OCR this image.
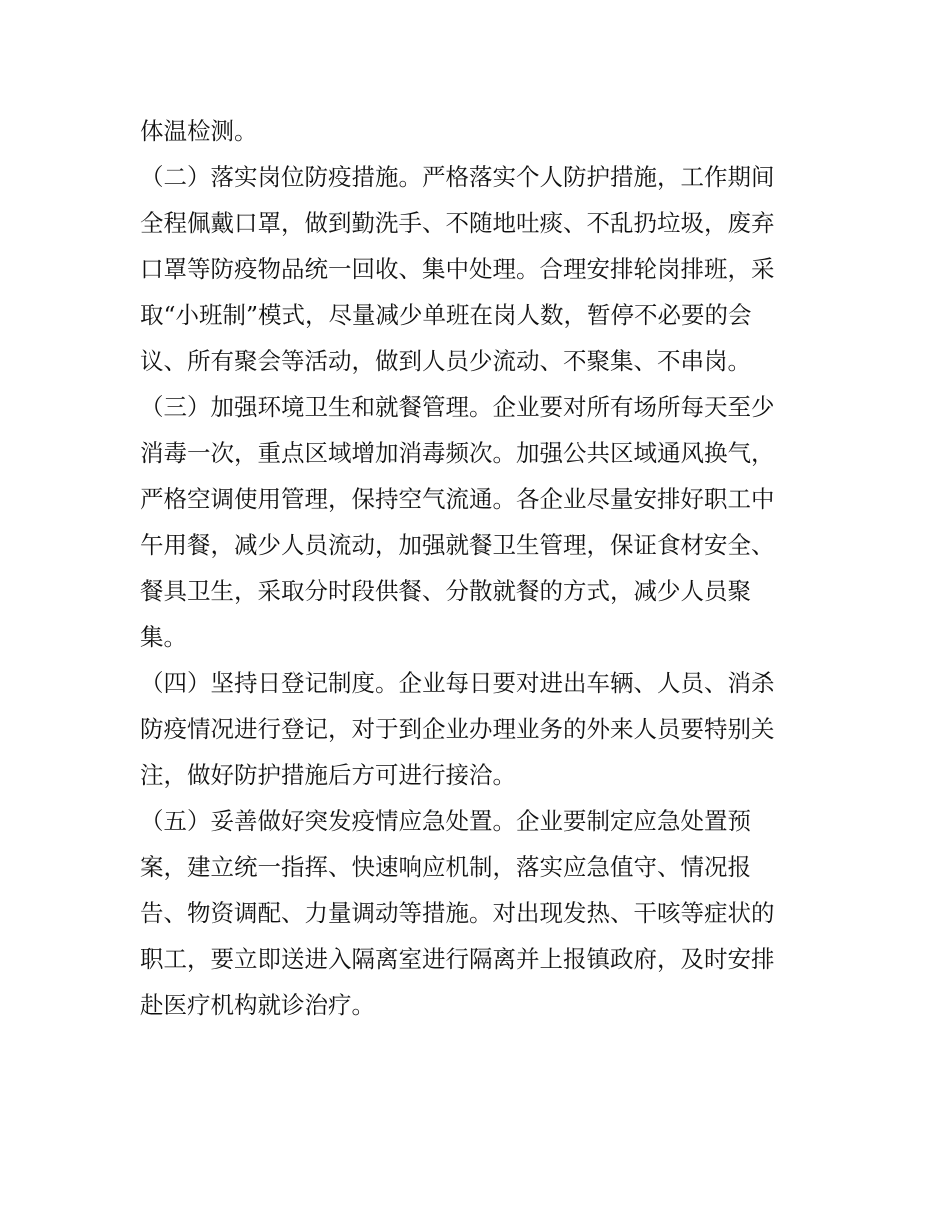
体温检测。
（二）落实岗位防疫措施。严格落实个人防护措施，工作期间
全程佩戴口罩，做到勤洗手、不随地吐痰、不乱扔垃圾，废弃
口罩等防疫物品统一回收、集中处理。合理安排轮岗排班，采
取“小班制”模式，尽量减少单班在岗人数，暂停不必要的会
议、所有聚会等活动，做到人员少流动、不聚集、不串岗。
（三）加强环境卫生和就餐管理。企业要对所有场所每天至少
消毒一次，重点区域增加消毒频次。加强公共区域通风换气，
严格空调使用管理，保持空气流通。各企业尽量安排好职工中
午用餐，减少人员流动，加强就餐卫生管理，保证食材安全、
餐具卫生，采取分时段供餐、分散就餐的方式，减少人员聚
集。
（四）坚持日登记制度。企业每日要对进出车辆、人员、消杀
防疫情况进行登记，对于到企业办理业务的外来人员要特别关
注，做好防护措施后方可进行接洽。
（五）妥善做好突发疫情应急处置。企业要制定应急处置预
案，建立统一指挥、快速响应机制，落实应急值守、情况报
告、物资调配、力量调动等措施。对出现发热、干咳等症状的
职工，要立即送进入隔离室进行隔离并上报镇政府，及时安排
赴医疗机构就诊治疗。
